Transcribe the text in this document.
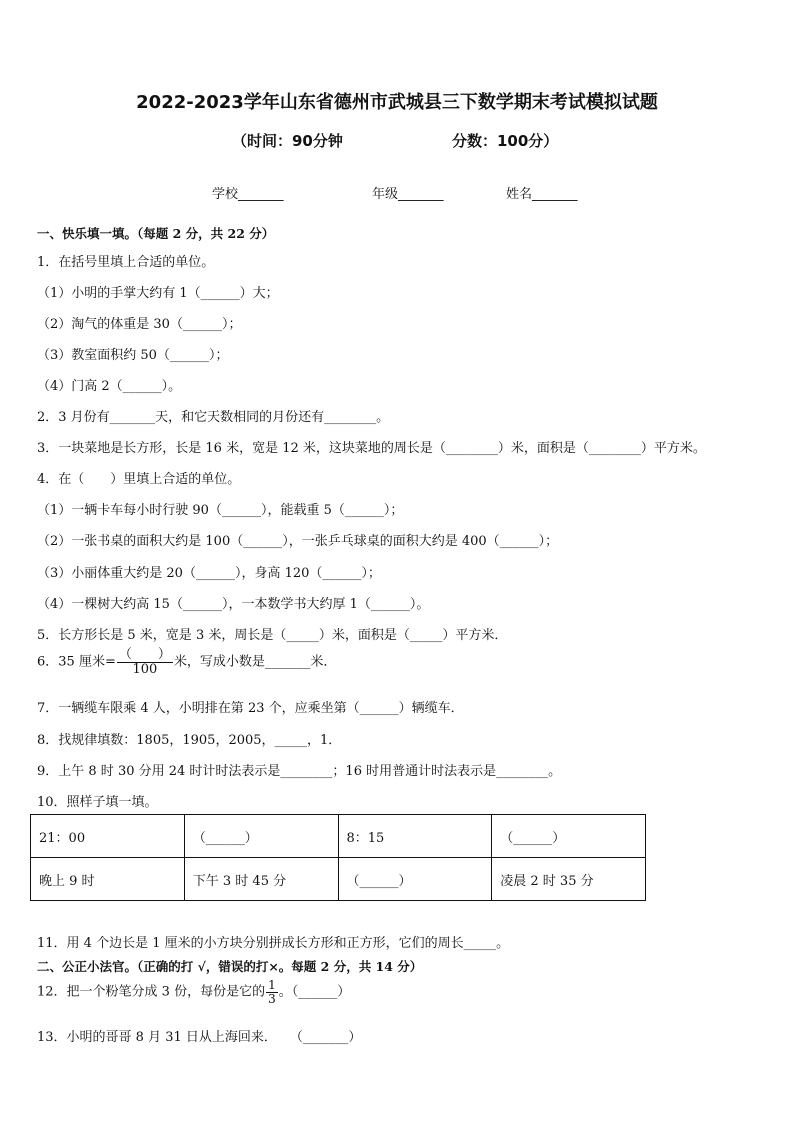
2022-2023学年山东省德州市武城县三下数学期末考试模拟试题
（时间：90分钟	分数：100分）
学校_______	年级_______	姓名_______
一、快乐填一填。（每题 2 分，共 22 分）
1．在括号里填上合适的单位。
（1）小明的手掌大约有 1（______）大；
（2）淘气的体重是 30（______）；
（3）教室面积约 50（______）；
（4）门高 2（______）。
2．3 月份有_______天，和它天数相同的月份还有________。
3．一块菜地是长方形，长是 16 米，宽是 12 米，这块菜地的周长是（________）米，面积是（________）平方米。
4．在（　　）里填上合适的单位。
（1）一辆卡车每小时行驶 90（______），能载重 5（______）；
（2）一张书桌的面积大约是 100（______），一张乒乓球桌的面积大约是 400（______）；
（3）小丽体重大约是 20（______），身高 120（______）；
（4）一棵树大约高 15（______），一本数学书大约厚 1（______）。
5．长方形长是 5 米，宽是 3 米，周长是（_____）米，面积是（_____）平方米．
6．35 厘米= $\frac{( )}{100}$ 米，写成小数是_______米．
7．一辆缆车限乘 4 人，小明排在第 23 个，应乘坐第（______）辆缆车．
8．找规律填数：1805，1905，2005，_____，1．
9．上午 8 时 30 分用 24 时计时法表示是________；16 时用普通计时法表示是________。
10．照样子填一填。
21：00	（______）	8：15	（______）
晚上 9 时	下午 3 时 45 分	（______）	凌晨 2 时 35 分
11．用 4 个边长是 1 厘米的小方块分别拼成长方形和正方形，它们的周长_____。
二、公正小法官。（正确的打 √，错误的打×。每题 2 分，共 14 分）
12．把一个粉笔分成 3 份，每份是它的 $\frac{1}{3}$ 。（______）
13．小明的哥哥 8 月 31 日从上海回来．　　（_______）
